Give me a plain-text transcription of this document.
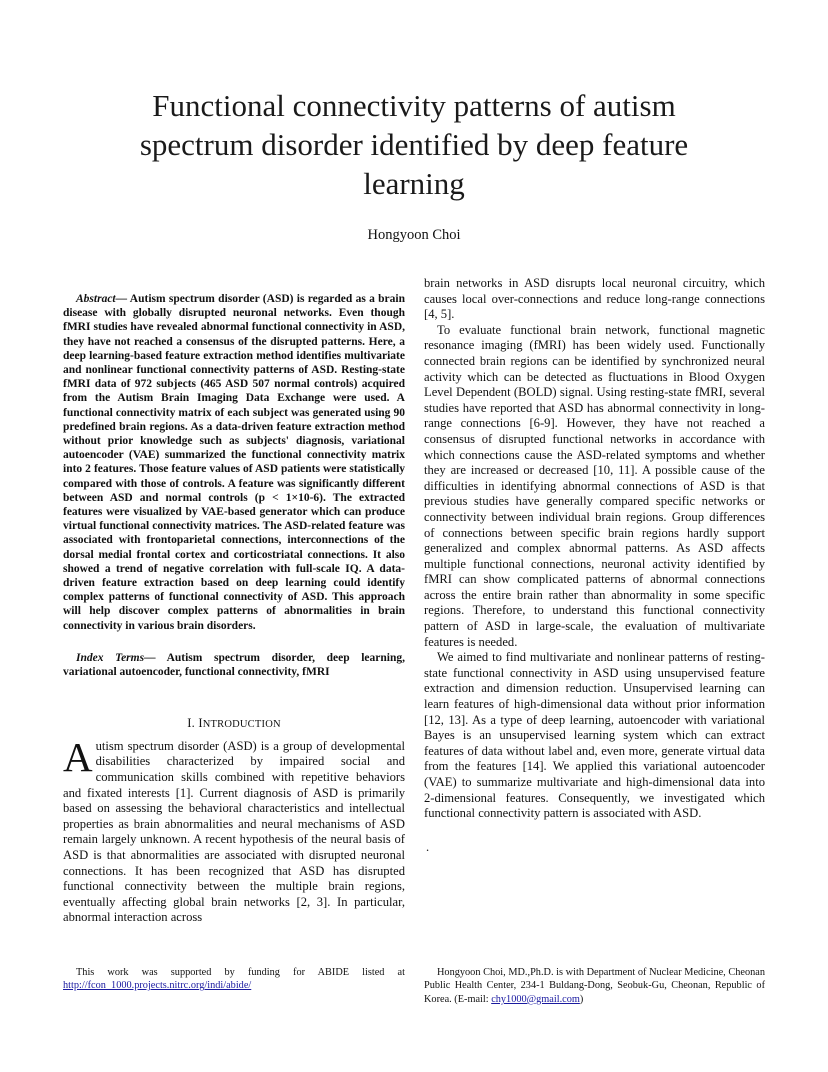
Functional connectivity patterns of autism
spectrum disorder identified by deep feature
learning
Hongyoon Choi

Abstract— Autism spectrum disorder (ASD) is regarded as a brain disease with globally disrupted neuronal networks. Even though fMRI studies have revealed abnormal functional connectivity in ASD, they have not reached a consensus of the disrupted patterns. Here, a deep learning-based feature extraction method identifies multivariate and nonlinear functional connectivity patterns of ASD. Resting-state fMRI data of 972 subjects (465 ASD 507 normal controls) acquired from the Autism Brain Imaging Data Exchange were used. A functional connectivity matrix of each subject was generated using 90 predefined brain regions. As a data-driven feature extraction method without prior knowledge such as subjects' diagnosis, variational autoencoder (VAE) summarized the functional connectivity matrix into 2 features. Those feature values of ASD patients were statistically compared with those of controls. A feature was significantly different between ASD and normal controls (p < 1×10-6). The extracted features were visualized by VAE-based generator which can produce virtual functional connectivity matrices. The ASD-related feature was associated with frontoparietal connections, interconnections of the dorsal medial frontal cortex and corticostriatal connections. It also showed a trend of negative correlation with full-scale IQ. A data-driven feature extraction based on deep learning could identify complex patterns of functional connectivity of ASD. This approach will help discover complex patterns of abnormalities in brain connectivity in various brain disorders.

Index Terms— Autism spectrum disorder, deep learning, variational autoencoder, functional connectivity, fMRI

I. INTRODUCTION

Autism spectrum disorder (ASD) is a group of developmental disabilities characterized by impaired social and communication skills combined with repetitive behaviors and fixated interests [1]. Current diagnosis of ASD is primarily based on assessing the behavioral characteristics and intellectual properties as brain abnormalities and neural mechanisms of ASD remain largely unknown. A recent hypothesis of the neural basis of ASD is that abnormalities are associated with disrupted neuronal connections. It has been recognized that ASD has disrupted functional connectivity between the multiple brain regions, eventually affecting global brain networks [2, 3]. In particular, abnormal interaction across

brain networks in ASD disrupts local neuronal circuitry, which causes local over-connections and reduce long-range connections [4, 5].

To evaluate functional brain network, functional magnetic resonance imaging (fMRI) has been widely used. Functionally connected brain regions can be identified by synchronized neural activity which can be detected as fluctuations in Blood Oxygen Level Dependent (BOLD) signal. Using resting-state fMRI, several studies have reported that ASD has abnormal connectivity in long-range connections [6-9]. However, they have not reached a consensus of disrupted functional networks in accordance with which connections cause the ASD-related symptoms and whether they are increased or decreased [10, 11]. A possible cause of the difficulties in identifying abnormal connections of ASD is that previous studies have generally compared specific networks or connectivity between individual brain regions. Group differences of connections between specific brain regions hardly support generalized and complex abnormal patterns. As ASD affects multiple functional connections, neuronal activity identified by fMRI can show complicated patterns of abnormal connections across the entire brain rather than abnormality in some specific regions. Therefore, to understand this functional connectivity pattern of ASD in large-scale, the evaluation of multivariate features is needed.

We aimed to find multivariate and nonlinear patterns of resting-state functional connectivity in ASD using unsupervised feature extraction and dimension reduction. Unsupervised learning can learn features of high-dimensional data without prior information [12, 13]. As a type of deep learning, autoencoder with variational Bayes is an unsupervised learning system which can extract features of data without label and, even more, generate virtual data from the features [14]. We applied this variational autoencoder (VAE) to summarize multivariate and high-dimensional data into 2-dimensional features. Consequently, we investigated which functional connectivity pattern is associated with ASD.

.

This work was supported by funding for ABIDE listed at http://fcon_1000.projects.nitrc.org/indi/abide/
Hongyoon Choi, MD.,Ph.D. is with Department of Nuclear Medicine, Cheonan Public Health Center, 234-1 Buldang-Dong, Seobuk-Gu, Cheonan, Republic of Korea. (E-mail: chy1000@gmail.com)
